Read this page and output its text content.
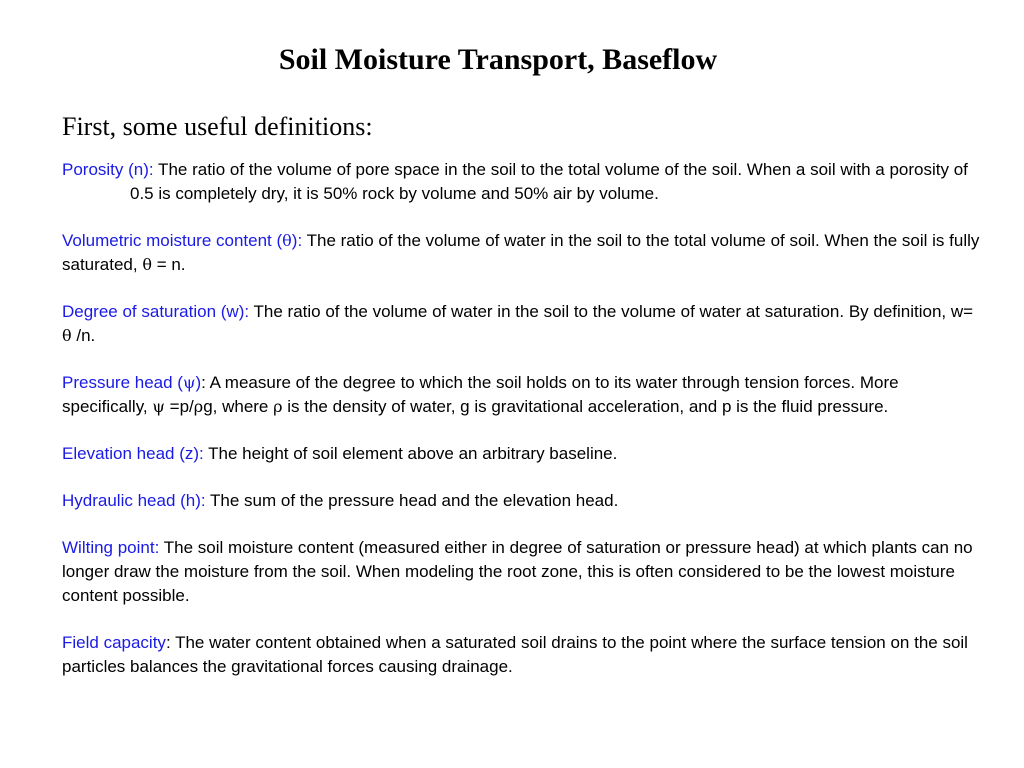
Soil Moisture Transport, Baseflow
First, some useful definitions:

Porosity (n): The ratio of the volume of pore space in the soil to the total volume of the soil. When a soil with a porosity of 0.5 is completely dry, it is 50% rock by volume and 50% air by volume.

Volumetric moisture content (θ): The ratio of the volume of water in the soil to the total volume of soil. When the soil is fully saturated, θ = n.

Degree of saturation (w): The ratio of the volume of water in the soil to the volume of water at saturation. By definition, w= θ /n.

Pressure head (ψ): A measure of the degree to which the soil holds on to its water through tension forces. More specifically, ψ =p/ρg, where ρ is the density of water, g is gravitational acceleration, and p is the fluid pressure.

Elevation head (z): The height of soil element above an arbitrary baseline.

Hydraulic head (h): The sum of the pressure head and the elevation head.

Wilting point: The soil moisture content (measured either in degree of saturation or pressure head) at which plants can no longer draw the moisture from the soil. When modeling the root zone, this is often considered to be the lowest moisture content possible.

Field capacity: The water content obtained when a saturated soil drains to the point where the surface tension on the soil particles balances the gravitational forces causing drainage.
